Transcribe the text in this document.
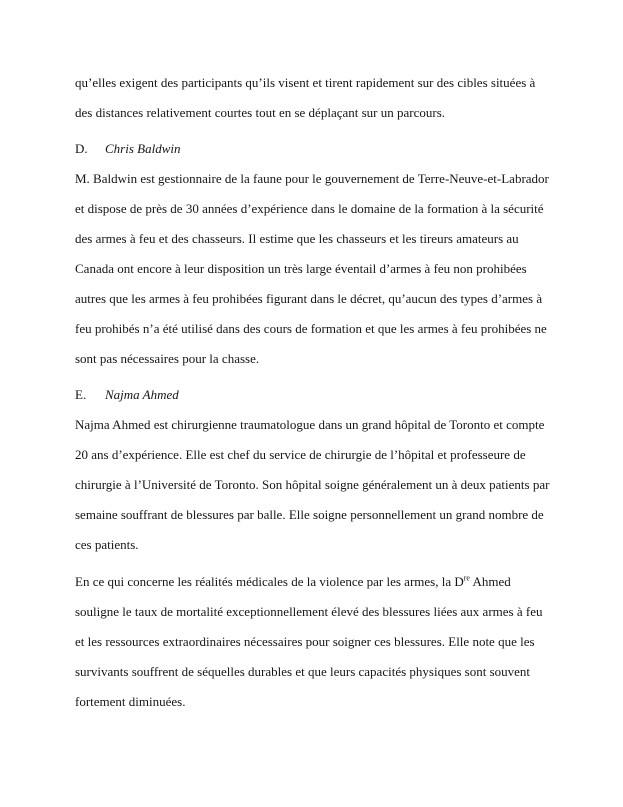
qu’elles exigent des participants qu’ils visent et tirent rapidement sur des cibles situées à
des distances relativement courtes tout en se déplaçant sur un parcours.

D. Chris Baldwin

M. Baldwin est gestionnaire de la faune pour le gouvernement de Terre-Neuve-et-Labrador
et dispose de près de 30 années d’expérience dans le domaine de la formation à la sécurité
des armes à feu et des chasseurs. Il estime que les chasseurs et les tireurs amateurs au
Canada ont encore à leur disposition un très large éventail d’armes à feu non prohibées
autres que les armes à feu prohibées figurant dans le décret, qu’aucun des types d’armes à
feu prohibés n’a été utilisé dans des cours de formation et que les armes à feu prohibées ne
sont pas nécessaires pour la chasse.

E. Najma Ahmed

Najma Ahmed est chirurgienne traumatologue dans un grand hôpital de Toronto et compte
20 ans d’expérience. Elle est chef du service de chirurgie de l’hôpital et professeure de
chirurgie à l’Université de Toronto. Son hôpital soigne généralement un à deux patients par
semaine souffrant de blessures par balle. Elle soigne personnellement un grand nombre de
ces patients.

En ce qui concerne les réalités médicales de la violence par les armes, la Dre Ahmed
souligne le taux de mortalité exceptionnellement élevé des blessures liées aux armes à feu
et les ressources extraordinaires nécessaires pour soigner ces blessures. Elle note que les
survivants souffrent de séquelles durables et que leurs capacités physiques sont souvent
fortement diminuées.
